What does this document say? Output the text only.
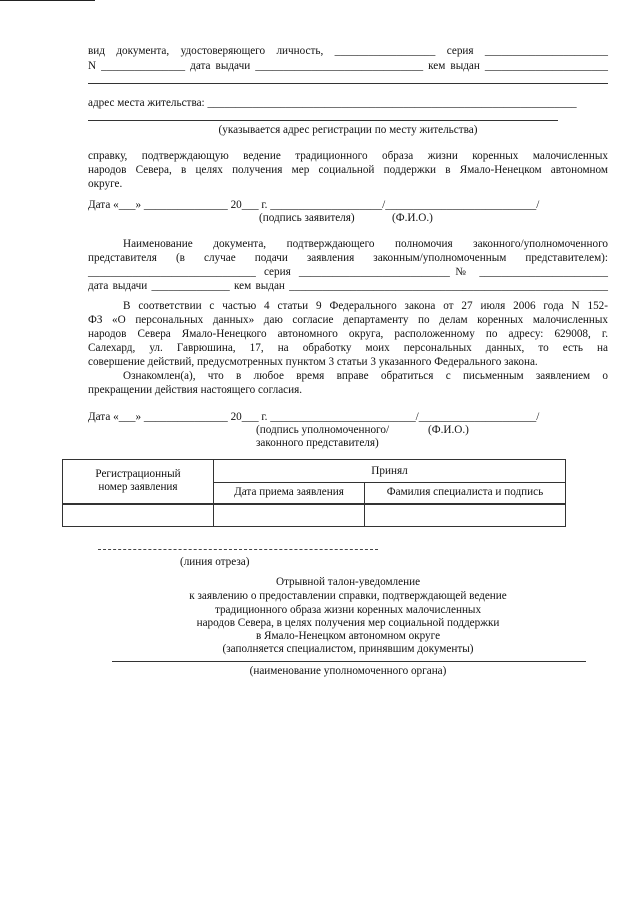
вид документа, удостоверяющего личность, __________________ серия ______________________
N _______________ дата выдачи ______________________________ кем выдан ______________________
адрес места жительства: __________________________________________________________________
(указывается адрес регистрации по месту жительства)
справку, подтверждающую ведение традиционного образа жизни коренных малочисленных
народов Севера, в целях получения мер социальной поддержки в Ямало-Ненецком автономном
округе.
Дата «___» _______________ 20___ г. ____________________/___________________________/
(подпись заявителя)	(Ф.И.О.)
Наименование документа, подтверждающего полномочия законного/уполномоченного
представителя (в случае подачи заявления законным/уполномоченным представителем):
______________________________ серия ___________________________№ _______________________
дата выдачи ______________ кем выдан _________________________________________________________
В соответствии с частью 4 статьи 9 Федерального закона от 27 июля 2006 года N 152-
ФЗ «О персональных данных» даю согласие департаменту по делам коренных малочисленных
народов Севера Ямало-Ненецкого автономного округа, расположенному по адресу: 629008, г.
Салехард, ул. Гаврюшина, 17, на обработку моих персональных данных, то есть на
совершение действий, предусмотренных пунктом 3 статьи 3 указанного Федерального закона.
Ознакомлен(а), что в любое время вправе обратиться с письменным заявлением о
прекращении действия настоящего согласия.
Дата «___» _______________ 20___ г. __________________________/_____________________/
(подпись уполномоченного/	(Ф.И.О.)
законного представителя)
Регистрационный
номер заявления	Принял	
	Дата приема заявления	Фамилия специалиста и подпись

(линия отреза)
Отрывной талон-уведомление
к заявлению о предоставлении справки, подтверждающей ведение
традиционного образа жизни коренных малочисленных
народов Севера, в целях получения мер социальной поддержки
в Ямало-Ненецком автономном округе
(заполняется специалистом, принявшим документы)
(наименование уполномоченного органа)
